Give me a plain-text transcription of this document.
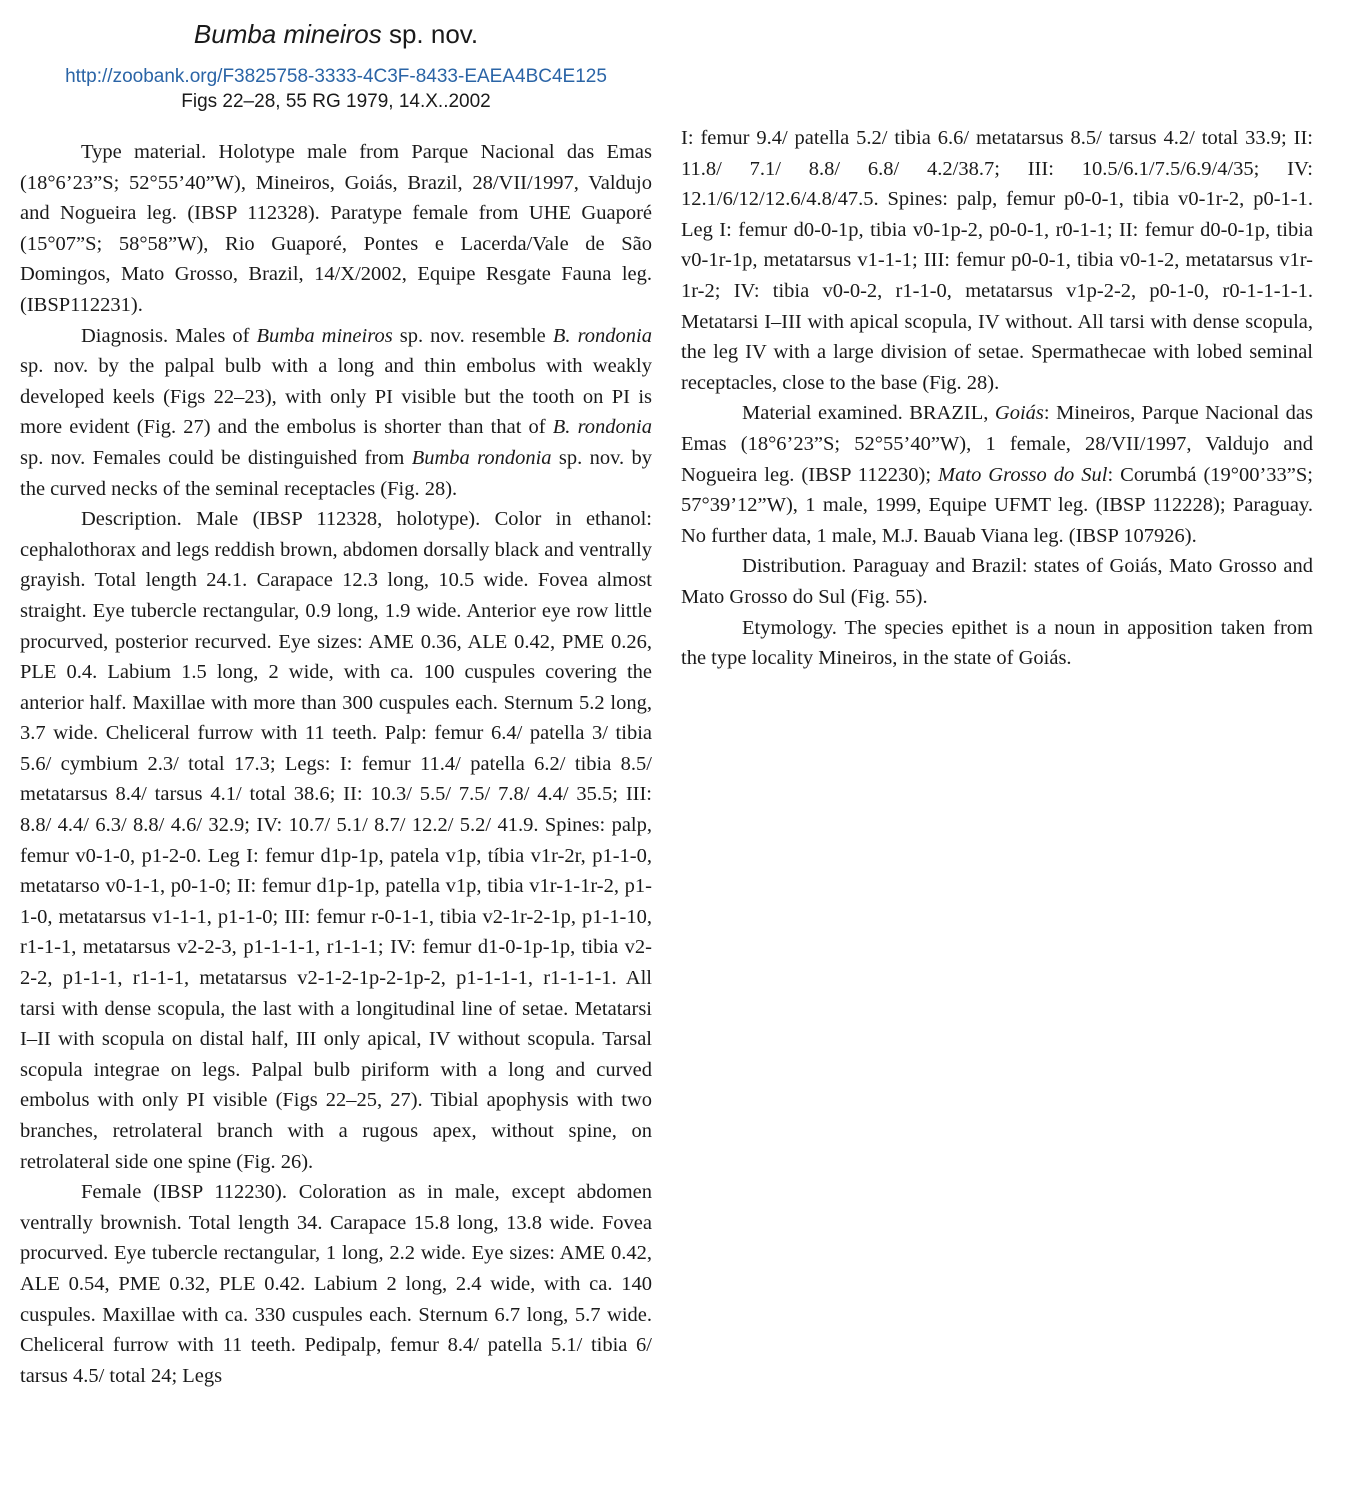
Bumba mineiros sp. nov.
http://zoobank.org/F3825758-3333-4C3F-8433-EAEA4BC4E125
Figs 22–28, 55 RG 1979, 14.X..2002

Type material. Holotype male from Parque Nacional das Emas (18°6’23”S; 52°55’40”W), Mineiros, Goiás, Brazil, 28/VII/1997, Valdujo and Nogueira leg. (IBSP 112328). Paratype female from UHE Guaporé (15°07”S; 58°58”W), Rio Guaporé, Pontes e Lacerda/Vale de São Domingos, Mato Grosso, Brazil, 14/X/2002, Equipe Resgate Fauna leg. (IBSP112231).

Diagnosis. Males of Bumba mineiros sp. nov. resemble B. rondonia sp. nov. by the palpal bulb with a long and thin embolus with weakly developed keels (Figs 22–23), with only PI visible but the tooth on PI is more evident (Fig. 27) and the embolus is shorter than that of B. rondonia sp. nov. Females could be distinguished from Bumba rondonia sp. nov. by the curved necks of the seminal receptacles (Fig. 28).

Description. Male (IBSP 112328, holotype). Color in ethanol: cephalothorax and legs reddish brown, abdomen dorsally black and ventrally grayish. Total length 24.1. Carapace 12.3 long, 10.5 wide. Fovea almost straight. Eye tubercle rectangular, 0.9 long, 1.9 wide. Anterior eye row little procurved, posterior recurved. Eye sizes: AME 0.36, ALE 0.42, PME 0.26, PLE 0.4. Labium 1.5 long, 2 wide, with ca. 100 cuspules covering the anterior half. Maxillae with more than 300 cuspules each. Sternum 5.2 long, 3.7 wide. Cheliceral furrow with 11 teeth. Palp: femur 6.4/ patella 3/ tibia 5.6/ cymbium 2.3/ total 17.3; Legs: I: femur 11.4/ patella 6.2/ tibia 8.5/ metatarsus 8.4/ tarsus 4.1/ total 38.6; II: 10.3/ 5.5/ 7.5/ 7.8/ 4.4/ 35.5; III: 8.8/ 4.4/ 6.3/ 8.8/ 4.6/ 32.9; IV: 10.7/ 5.1/ 8.7/ 12.2/ 5.2/ 41.9. Spines: palp, femur v0-1-0, p1-2-0. Leg I: femur d1p-1p, patela v1p, tíbia v1r-2r, p1-1-0, metatarso v0-1-1, p0-1-0; II: femur d1p-1p, patella v1p, tibia v1r-1-1r-2, p1-1-0, metatarsus v1-1-1, p1-1-0; III: femur r-0-1-1, tibia v2-1r-2-1p, p1-1-10, r1-1-1, metatarsus v2-2-3, p1-1-1-1, r1-1-1; IV: femur d1-0-1p-1p, tibia v2-2-2, p1-1-1, r1-1-1, metatarsus v2-1-2-1p-2-1p-2, p1-1-1-1, r1-1-1-1. All tarsi with dense scopula, the last with a longitudinal line of setae. Metatarsi I–II with scopula on distal half, III only apical, IV without scopula. Tarsal scopula integrae on legs. Palpal bulb piriform with a long and curved embolus with only PI visible (Figs 22–25, 27). Tibial apophysis with two branches, retrolateral branch with a rugous apex, without spine, on retrolateral side one spine (Fig. 26).

Female (IBSP 112230). Coloration as in male, except abdomen ventrally brownish. Total length 34. Carapace 15.8 long, 13.8 wide. Fovea procurved. Eye tubercle rectangular, 1 long, 2.2 wide. Eye sizes: AME 0.42, ALE 0.54, PME 0.32, PLE 0.42. Labium 2 long, 2.4 wide, with ca. 140 cuspules. Maxillae with ca. 330 cuspules each. Sternum 6.7 long, 5.7 wide. Cheliceral furrow with 11 teeth. Pedipalp, femur 8.4/ patella 5.1/ tibia 6/ tarsus 4.5/ total 24; Legs

I: femur 9.4/ patella 5.2/ tibia 6.6/ metatarsus 8.5/ tarsus 4.2/ total 33.9; II: 11.8/ 7.1/ 8.8/ 6.8/ 4.2/38.7; III: 10.5/6.1/7.5/6.9/4/35; IV: 12.1/6/12/12.6/4.8/47.5. Spines: palp, femur p0-0-1, tibia v0-1r-2, p0-1-1. Leg I: femur d0-0-1p, tibia v0-1p-2, p0-0-1, r0-1-1; II: femur d0-0-1p, tibia v0-1r-1p, metatarsus v1-1-1; III: femur p0-0-1, tibia v0-1-2, metatarsus v1r-1r-2; IV: tibia v0-0-2, r1-1-0, metatarsus v1p-2-2, p0-1-0, r0-1-1-1-1. Metatarsi I–III with apical scopula, IV without. All tarsi with dense scopula, the leg IV with a large division of setae. Spermathecae with lobed seminal receptacles, close to the base (Fig. 28).

Material examined. BRAZIL, Goiás: Mineiros, Parque Nacional das Emas (18°6’23”S; 52°55’40”W), 1 female, 28/VII/1997, Valdujo and Nogueira leg. (IBSP 112230); Mato Grosso do Sul: Corumbá (19°00’33”S; 57°39’12”W), 1 male, 1999, Equipe UFMT leg. (IBSP 112228); Paraguay. No further data, 1 male, M.J. Bauab Viana leg. (IBSP 107926).

Distribution. Paraguay and Brazil: states of Goiás, Mato Grosso and Mato Grosso do Sul (Fig. 55).

Etymology. The species epithet is a noun in apposition taken from the type locality Mineiros, in the state of Goiás.
